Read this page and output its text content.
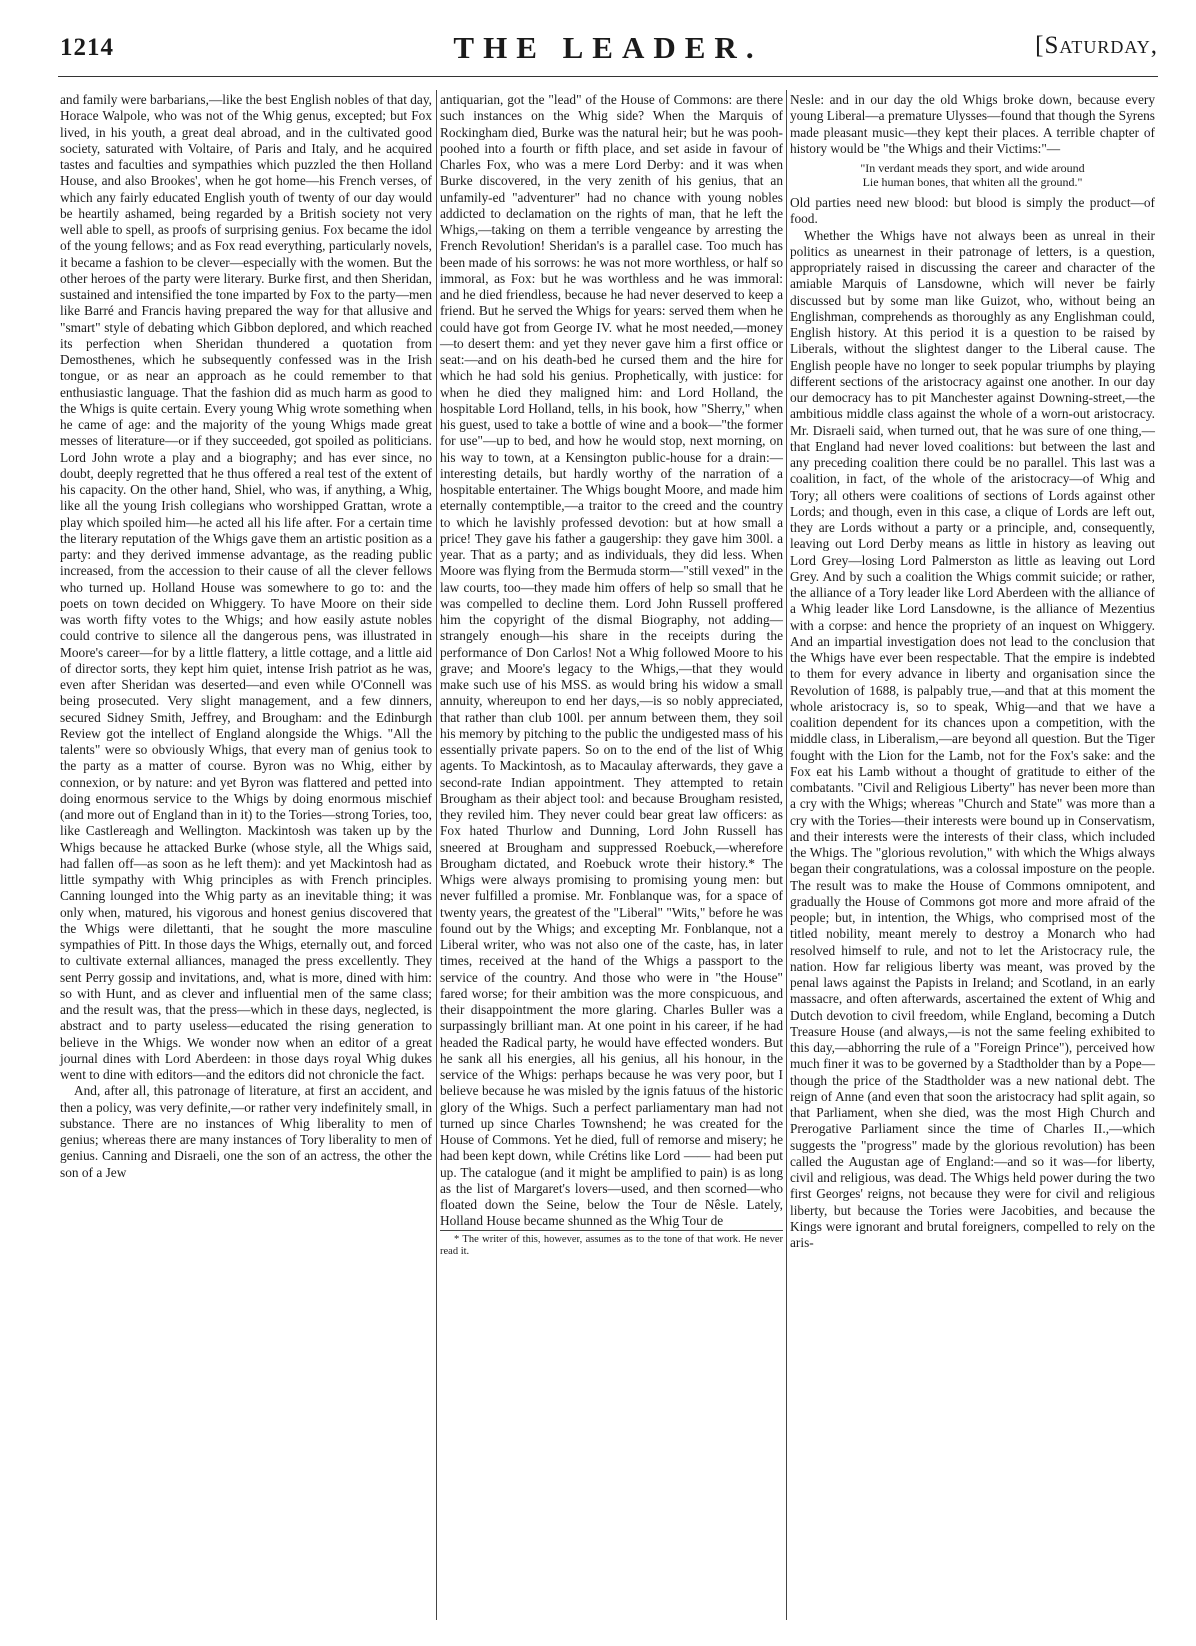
1214	THE LEADER.	[Saturday,

and family were barbarians,—like the best English nobles of that day, Horace Walpole, who was not of the Whig genus, excepted; but Fox lived, in his youth, a great deal abroad, and in the cultivated good society, saturated with Voltaire, of Paris and Italy, and he acquired tastes and faculties and sympathies which puzzled the then Holland House, and also Brookes', when he got home—his French verses, of which any fairly educated English youth of twenty of our day would be heartily ashamed, being regarded by a British society not very well able to spell, as proofs of surprising genius. Fox became the idol of the young fellows; and as Fox read everything, particularly novels, it became a fashion to be clever—especially with the women. But the other heroes of the party were literary. Burke first, and then Sheridan, sustained and intensified the tone imparted by Fox to the party—men like Barré and Francis having prepared the way for that allusive and "smart" style of debating which Gibbon deplored, and which reached its perfection when Sheridan thundered a quotation from Demosthenes, which he subsequently confessed was in the Irish tongue, or as near an approach as he could remember to that enthusiastic language. That the fashion did as much harm as good to the Whigs is quite certain. Every young Whig wrote something when he came of age: and the majority of the young Whigs made great messes of literature—or if they succeeded, got spoiled as politicians. Lord John wrote a play and a biography; and has ever since, no doubt, deeply regretted that he thus offered a real test of the extent of his capacity. On the other hand, Shiel, who was, if anything, a Whig, like all the young Irish collegians who worshipped Grattan, wrote a play which spoiled him—he acted all his life after. For a certain time the literary reputation of the Whigs gave them an artistic position as a party: and they derived immense advantage, as the reading public increased, from the accession to their cause of all the clever fellows who turned up. Holland House was somewhere to go to: and the poets on town decided on Whiggery. To have Moore on their side was worth fifty votes to the Whigs; and how easily astute nobles could contrive to silence all the dangerous pens, was illustrated in Moore's career—for by a little flattery, a little cottage, and a little aid of director sorts, they kept him quiet, intense Irish patriot as he was, even after Sheridan was deserted—and even while O'Connell was being prosecuted. Very slight management, and a few dinners, secured Sidney Smith, Jeffrey, and Brougham: and the Edinburgh Review got the intellect of England alongside the Whigs. "All the talents" were so obviously Whigs, that every man of genius took to the party as a matter of course. Byron was no Whig, either by connexion, or by nature: and yet Byron was flattered and petted into doing enormous service to the Whigs by doing enormous mischief (and more out of England than in it) to the Tories—strong Tories, too, like Castlereagh and Wellington. Mackintosh was taken up by the Whigs because he attacked Burke (whose style, all the Whigs said, had fallen off—as soon as he left them): and yet Mackintosh had as little sympathy with Whig principles as with French principles. Canning lounged into the Whig party as an inevitable thing; it was only when, matured, his vigorous and honest genius discovered that the Whigs were dilettanti, that he sought the more masculine sympathies of Pitt. In those days the Whigs, eternally out, and forced to cultivate external alliances, managed the press excellently. They sent Perry gossip and invitations, and, what is more, dined with him: so with Hunt, and as clever and influential men of the same class; and the result was, that the press—which in these days, neglected, is abstract and to party useless—educated the rising generation to believe in the Whigs. We wonder now when an editor of a great journal dines with Lord Aberdeen: in those days royal Whig dukes went to dine with editors—and the editors did not chronicle the fact.

And, after all, this patronage of literature, at first an accident, and then a policy, was very definite,—or rather very indefinitely small, in substance. There are no instances of Whig liberality to men of genius; whereas there are many instances of Tory liberality to men of genius. Canning and Disraeli, one the son of an actress, the other the son of a Jew

antiquarian, got the "lead" of the House of Commons: are there such instances on the Whig side? When the Marquis of Rockingham died, Burke was the natural heir; but he was pooh-poohed into a fourth or fifth place, and set aside in favour of Charles Fox, who was a mere Lord Derby: and it was when Burke discovered, in the very zenith of his genius, that an unfamily-ed "adventurer" had no chance with young nobles addicted to declamation on the rights of man, that he left the Whigs,—taking on them a terrible vengeance by arresting the French Revolution! Sheridan's is a parallel case. Too much has been made of his sorrows: he was not more worthless, or half so immoral, as Fox: but he was worthless and he was immoral: and he died friendless, because he had never deserved to keep a friend. But he served the Whigs for years: served them when he could have got from George IV. what he most needed,—money—to desert them: and yet they never gave him a first office or seat:—and on his death-bed he cursed them and the hire for which he had sold his genius. Prophetically, with justice: for when he died they maligned him: and Lord Holland, the hospitable Lord Holland, tells, in his book, how "Sherry," when his guest, used to take a bottle of wine and a book—"the former for use"—up to bed, and how he would stop, next morning, on his way to town, at a Kensington public-house for a drain:—interesting details, but hardly worthy of the narration of a hospitable entertainer. The Whigs bought Moore, and made him eternally contemptible,—a traitor to the creed and the country to which he lavishly professed devotion: but at how small a price! They gave his father a gaugership: they gave him 300l. a year. That as a party; and as individuals, they did less. When Moore was flying from the Bermuda storm—"still vexed" in the law courts, too—they made him offers of help so small that he was compelled to decline them. Lord John Russell proffered him the copyright of the dismal Biography, not adding—strangely enough—his share in the receipts during the performance of Don Carlos! Not a Whig followed Moore to his grave; and Moore's legacy to the Whigs,—that they would make such use of his MSS. as would bring his widow a small annuity, whereupon to end her days,—is so nobly appreciated, that rather than club 100l. per annum between them, they soil his memory by pitching to the public the undigested mass of his essentially private papers. So on to the end of the list of Whig agents. To Mackintosh, as to Macaulay afterwards, they gave a second-rate Indian appointment. They attempted to retain Brougham as their abject tool: and because Brougham resisted, they reviled him. They never could bear great law officers: as Fox hated Thurlow and Dunning, Lord John Russell has sneered at Brougham and suppressed Roebuck,—wherefore Brougham dictated, and Roebuck wrote their history.* The Whigs were always promising to promising young men: but never fulfilled a promise. Mr. Fonblanque was, for a space of twenty years, the greatest of the "Liberal" "Wits," before he was found out by the Whigs; and excepting Mr. Fonblanque, not a Liberal writer, who was not also one of the caste, has, in later times, received at the hand of the Whigs a passport to the service of the country. And those who were in "the House" fared worse; for their ambition was the more conspicuous, and their disappointment the more glaring. Charles Buller was a surpassingly brilliant man. At one point in his career, if he had headed the Radical party, he would have effected wonders. But he sank all his energies, all his genius, all his honour, in the service of the Whigs: perhaps because he was very poor, but I believe because he was misled by the ignis fatuus of the historic glory of the Whigs. Such a perfect parliamentary man had not turned up since Charles Townshend; he was created for the House of Commons. Yet he died, full of remorse and misery; he had been kept down, while Crétins like Lord —— had been put up. The catalogue (and it might be amplified to pain) is as long as the list of Margaret's lovers—used, and then scorned—who floated down the Seine, below the Tour de Nêsle. Lately, Holland House became shunned as the Whig Tour de

* The writer of this, however, assumes as to the tone of that work. He never read it.

Nesle: and in our day the old Whigs broke down, because every young Liberal—a premature Ulysses—found that though the Syrens made pleasant music—they kept their places. A terrible chapter of history would be "the Whigs and their Victims:"—

"In verdant meads they sport, and wide around
Lie human bones, that whiten all the ground."

Old parties need new blood: but blood is simply the product—of food.

Whether the Whigs have not always been as unreal in their politics as unearnest in their patronage of letters, is a question, appropriately raised in discussing the career and character of the amiable Marquis of Lansdowne, which will never be fairly discussed but by some man like Guizot, who, without being an Englishman, comprehends as thoroughly as any Englishman could, English history. At this period it is a question to be raised by Liberals, without the slightest danger to the Liberal cause. The English people have no longer to seek popular triumphs by playing different sections of the aristocracy against one another. In our day our democracy has to pit Manchester against Downing-street,—the ambitious middle class against the whole of a worn-out aristocracy. Mr. Disraeli said, when turned out, that he was sure of one thing,—that England had never loved coalitions: but between the last and any preceding coalition there could be no parallel. This last was a coalition, in fact, of the whole of the aristocracy—of Whig and Tory; all others were coalitions of sections of Lords against other Lords; and though, even in this case, a clique of Lords are left out, they are Lords without a party or a principle, and, consequently, leaving out Lord Derby means as little in history as leaving out Lord Grey—losing Lord Palmerston as little as leaving out Lord Grey. And by such a coalition the Whigs commit suicide; or rather, the alliance of a Tory leader like Lord Aberdeen with the alliance of a Whig leader like Lord Lansdowne, is the alliance of Mezentius with a corpse: and hence the propriety of an inquest on Whiggery. And an impartial investigation does not lead to the conclusion that the Whigs have ever been respectable. That the empire is indebted to them for every advance in liberty and organisation since the Revolution of 1688, is palpably true,—and that at this moment the whole aristocracy is, so to speak, Whig—and that we have a coalition dependent for its chances upon a competition, with the middle class, in Liberalism,—are beyond all question. But the Tiger fought with the Lion for the Lamb, not for the Fox's sake: and the Fox eat his Lamb without a thought of gratitude to either of the combatants. "Civil and Religious Liberty" has never been more than a cry with the Whigs; whereas "Church and State" was more than a cry with the Tories—their interests were bound up in Conservatism, and their interests were the interests of their class, which included the Whigs. The "glorious revolution," with which the Whigs always began their congratulations, was a colossal imposture on the people. The result was to make the House of Commons omnipotent, and gradually the House of Commons got more and more afraid of the people; but, in intention, the Whigs, who comprised most of the titled nobility, meant merely to destroy a Monarch who had resolved himself to rule, and not to let the Aristocracy rule, the nation. How far religious liberty was meant, was proved by the penal laws against the Papists in Ireland; and Scotland, in an early massacre, and often afterwards, ascertained the extent of Whig and Dutch devotion to civil freedom, while England, becoming a Dutch Treasure House (and always,—is not the same feeling exhibited to this day,—abhorring the rule of a "Foreign Prince"), perceived how much finer it was to be governed by a Stadtholder than by a Pope—though the price of the Stadtholder was a new national debt. The reign of Anne (and even that soon the aristocracy had split again, so that Parliament, when she died, was the most High Church and Prerogative Parliament since the time of Charles II.,—which suggests the "progress" made by the glorious revolution) has been called the Augustan age of England:—and so it was—for liberty, civil and religious, was dead. The Whigs held power during the two first Georges' reigns, not because they were for civil and religious liberty, but because the Tories were Jacobities, and because the Kings were ignorant and brutal foreigners, compelled to rely on the aris-
